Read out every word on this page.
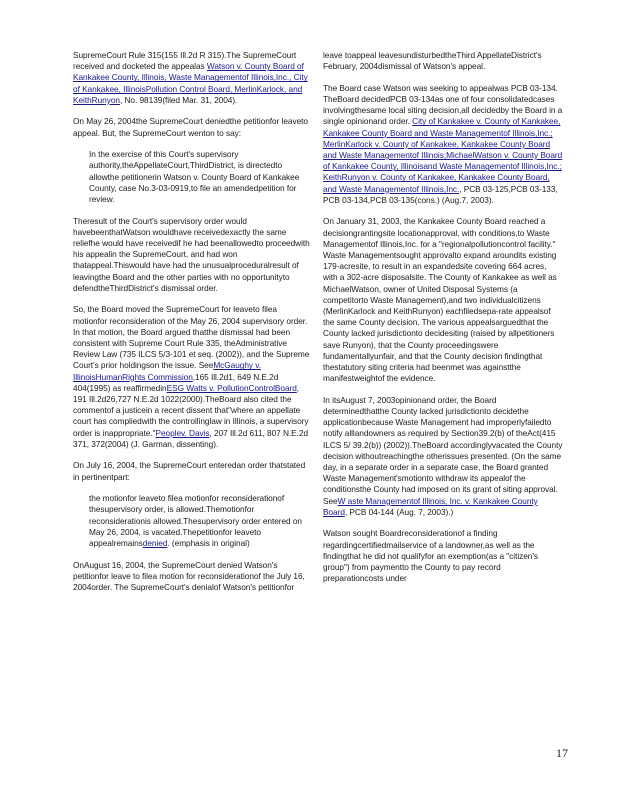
SupremeCourt Rule 315(155 Ill.2d R 315).The SupremeCourt received and docketed the appealas Watson v. County Board of Kankakee County, Illinois, Waste Managementof Illinois,Inc., City of Kankakee, IllinoisPollution Control Board, MerlinKarlock, and KeithRunyon, No. 98139(filed Mar. 31, 2004).

On May 26, 2004the SupremeCourt deniedthe petitionfor leaveto appeal. But, the SupremeCourt wenton to say:

In the exercise of this Court's supervisory authority,theAppellateCourt,ThirdDistrict, is directedto allowthe petitionerin Watson v. County Board of Kankakee County, case No.3-03-0919,to file an amendedpetition for review.

Theresult of the Court's supervisory order would havebeenthatWatson wouldhave receivedexactly the same reliefhe would have receivedif he had beenallowedto proceedwith his appealin the SupremeCourt, and had won thatappeal.Thiswould have had the unusualproceduralresult of leavingthe Board and the other parties with no opportunityto defendtheThirdDistrict's dismissal order.

So, the Board moved the SupremeCourt for leaveto filea motionfor reconsideration of the May 26, 2004 supervisory order. In that motion, the Board argued thatthe dismissal had been consistent with Supreme Court Rule 335, theAdministrative Review Law (735 ILCS 5/3-101 et seq. (2002)), and the Supreme Court's prior holdingson the issue. SeeMcGaughy v. IllinoisHumanRights Commission,165 Ill.2d1, 649 N.E.2d 404(1995) as reaffirmedinESG Watts v. PollutionControlBoard, 191 Ill.2d26,727 N.E.2d 1022(2000).TheBoard also cited the commentof a justicein a recent dissent that"where an appellate court has compliedwith the controllinglaw in Illinois, a supervisory order is inappropriate."Peoplev. Davis, 207 Ill.2d 611, 807 N.E.2d 371, 372(2004) (J. Garman, dissenting).

On July 16, 2004, the SupremeCourt enteredan order thatstated in pertinentpart:

the motionfor leaveto filea motionfor reconsiderationof thesupervisory order, is allowed.Themotionfor reconsiderationis allowed.Thesupervisory order entered on May 26, 2004, is vacated.Thepetitionfor leaveto appealremainsdenied. (emphasis in original)

OnAugust 16, 2004, the SupremeCourt denied Watson's petitionfor leave to filea motion for reconsiderationof the July 16, 2004order. The SupremeCourt's denialof Watson's petitionfor

leave toappeal leavesundisturbedtheThird AppellateDistrict's February, 2004dismissal of Watson's appeal.

The Board case Watson was seeking to appealwas PCB 03-134. TheBoard decidedPCB 03-134as one of four consolidatedcases involvingthesame local siting decision,all decidedby the Board in a single opinionand order. City of Kankakee v. County of Kankakee, Kankakee County Board and Waste Managementof Illinois,Inc.; MerlinKarlock v. County of Kankakee, Kankakee County Board and Waste Managementof Illinois;MichaelWatson v. County Board of Kankakee County, Illinoisand Waste Managementof Illinois,Inc.; KeithRunyon v. County of Kankakee, Kankakee County Board, and Waste Managementof Illinois,Inc., PCB 03-125,PCB 03-133, PCB 03-134,PCB 03-135(cons.) (Aug.7, 2003).

On January 31, 2003, the Kankakee County Board reached a decisiongrantingsite locationapproval, with conditions,to Waste Managementof Illinois,Inc. for a "regionalpollutioncontrol facility." Waste Managementsought approvalto expand aroundits existing 179-acresite, to result in an expandedsite covering 664 acres, with a 302-acre disposalsite. The County of Kankakee as well as MichaelWatson, owner of United Disposal Systems (a competitorto Waste Management),and two individualcitizens (MerlinKarlock and KeithRunyon) eachfiledsepa-rate appealsof the same County decision. The various appealsarguedthat the County lacked jurisdictionto decidesiting (raised by allpetitioners save Runyon), that the County proceedingswere fundamentallyunfair, and that the County decision findingthat thestatutory siting criteria had beenmet was againstthe manifestweightof the evidence.

In itsAugust 7, 2003opinionand order, the Board determinedthatthe County lacked jurisdictionto decidethe applicationbecause Waste Management had improperlyfailedto notify alllandowners as required by Section39.2(b) of theAct(415 ILCS 5/ 39.2(b)) (2002)).TheBoard accordinglyvacated the County decision withoutreachingthe otherissues presented. (On the same day, in a separate order in a separate case, the Board granted Waste Management'smotionto withdraw its appealof the conditionsthe County had imposed on its grant of siting approval. SeeW aste Managementof Illinois, Inc. v. Kankakee County Board, PCB 04-144 (Aug. 7, 2003).)

Watson sought Boardreconsiderationof a finding regardingcertifiedmailservice of a landowner,as well as the findingthat he did not qualifyfor an exemption(as a "citizen's group") from paymentto the County to pay record preparationcosts under

17
